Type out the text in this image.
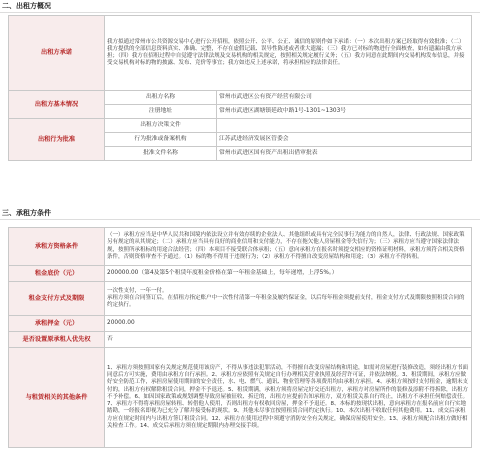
二、出租方概况
出租方承诺	我方拟通过常州市公共资源交易中心进行公开招租，依照公开、公平、公正、诚信的原则作如下承诺：（一）本次出租方案已经取得有效批准；（二）我方提供的全部信息资料真实、准确、完整，不存在虚假记载、误导性陈述或者重大遗漏；（三）我方已对标的物进行全面核查，如有遗漏由我方承担；（四）我方在招租过程中自觉遵守法律法规及交易机构的相关规定，按照相关规定履行义务；（五）我方同意在此期间内交易机构发布信息，并接受交易机构对标的物的披露、发布、竞价等事宜；我方如违反上述承诺，将承担相应的法律责任。	
出租方基本情况	出租方名称	常州市武进区公有资产经营有限公司
	注册地址	常州市武进区湖塘镇延政中路1号-1301~1303号
出租行为批准	出租方决策文件	
	行为批准或备案机构	江苏武进经济发展区管委会
	批准文件名称	常州市武进区国有资产出租出借审批表
三、承租方条件
承租方资格条件	（一）承租方应当是中华人民共和国境内依法设立并有效存续的企业法人、其他组织或具有完全民事行为能力的自然人，法律、行政法规、国家政策另有规定的从其规定；（二）承租方应当具有良好的商业信用和支付能力，不存在拖欠他人房屋租金等失信行为；（三）承租方应当遵守国家法律法规，按照所承租标的用途合法经营；（四）本项目不接受联合体承租；（五）意向承租方在报名时须提交相应的资格证明材料，承租方须符合相关资格条件，否则资格审查不予通过。（1）标的物不得用于违规行为；（2）承租方不得擅自改变房屋结构和用途；（3）承租方不得转租。
租金底价（元）	200000.00（第4及第5个租赁年度租金价格在第一年租金基础上，每年递增，上浮5%。）
租金支付方式及期限	一次性支付，一年一付。
承租方须在合同签订后，在招租方指定账户中一次性付清第一年租金及履约保证金，以后每年租金须提前支付，租金支付方式及期限按照租赁合同的约定执行。
承租押金（元）	20000.00
是否设置原承租人优先权	否
与租赁相关的其他条件	1、承租方须按照国家有关规定规范使用该房产，不得从事违法犯罪活动，不得擅自改变房屋结构和用途，如需对房屋进行装修改造，须经出租方书面同意后方可实施，费用由承租方自行承担。2、承租方应依照有关规定自行办理相关营业执照及经营许可证，并依法纳税。3、租赁期间，承租方应做好安全防范工作，承担房屋使用期间的安全责任，水、电、燃气、通讯、物业管理等各项费用均由承租方承担。4、承租方须按时支付租金，逾期未支付的，出租方有权解除租赁合同，押金不予退还。5、租赁期满，承租方须将房屋完好交还出租方，承租方对房屋所作的装修及添附不得拆除，出租方不予补偿。6、如因国家政策或规划调整导致房屋被征收、拆迁的，出租方应提前告知承租方，双方租赁关系自行终止，出租方不承担任何赔偿责任。7、承租方不得将承租房屋转租、转借他人使用，否则出租方有权收回房屋，押金不予退还。8、本标的按现状出租，意向承租方在报名前应自行实地踏勘，一经报名即视为已充分了解并接受标的现状。9、其他未尽事宜按照租赁合同约定执行。10、本次出租不收取任何其他费用。11、成交后承租方应在规定时间内与出租方签订租赁合同。12、承租方在使用过程中须遵守消防安全有关规定，确保房屋使用安全。13、承租方须配合出租方做好相关检查工作。14、成交后承租方须在规定期限内办理交接手续。
